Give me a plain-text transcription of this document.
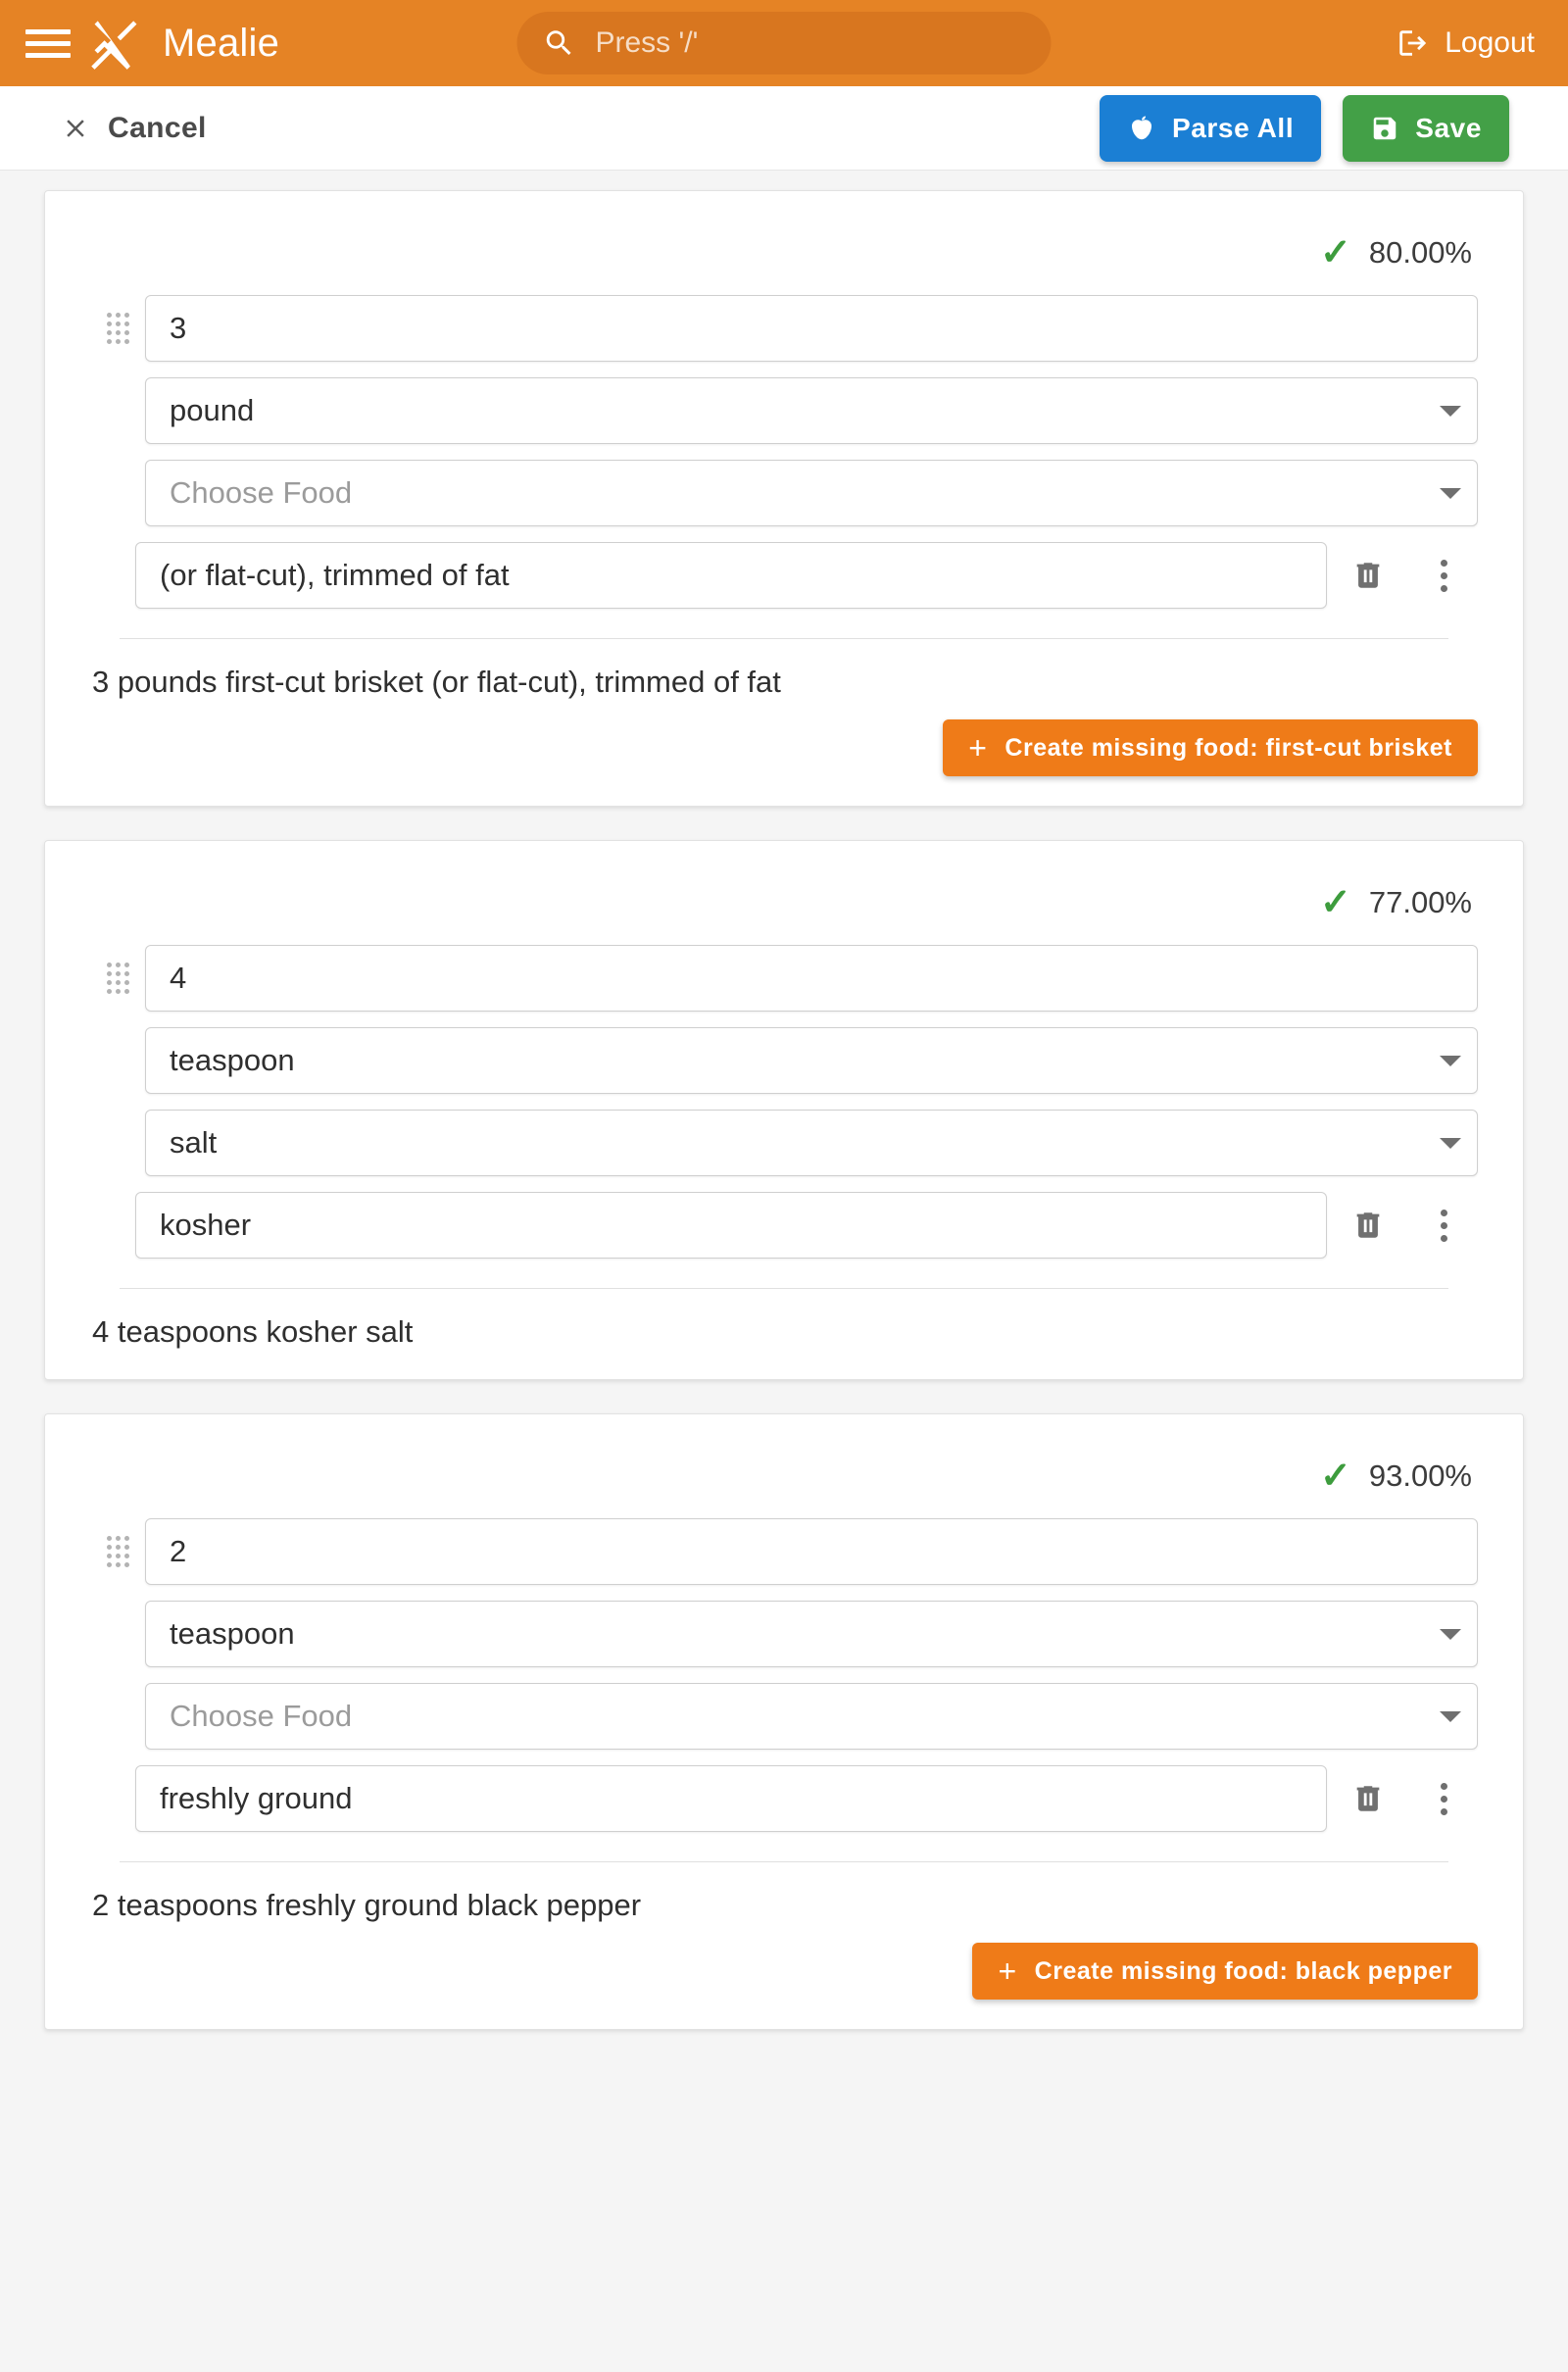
Mealie
Press '/'	Logout
Cancel	Parse All	Save
✓ 80.00%
3
pound
Choose Food
(or flat-cut), trimmed of fat
3 pounds first-cut brisket (or flat-cut), trimmed of fat
+ Create missing food: first-cut brisket
✓ 77.00%
4
teaspoon
salt
kosher
4 teaspoons kosher salt
✓ 93.00%
2
teaspoon
Choose Food
freshly ground
2 teaspoons freshly ground black pepper
+ Create missing food: black pepper
